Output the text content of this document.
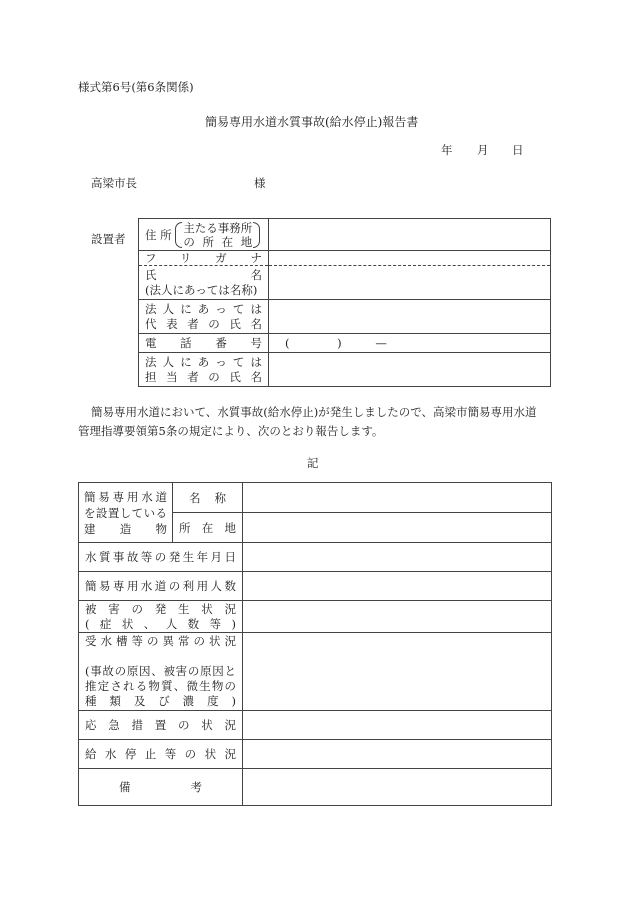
様式第6号(第6条関係)
簡易専用水道水質事故(給水停止)報告書
年 月 日
高梁市長	様
設置者 住 所 主たる事務所
の 所 在 地	

フリガナ	

氏名
(法人にあっては名称)	

法人にあっては
代表者の氏名	

電話番号	( ) —

法人にあっては
担当者の氏名	

簡易専用水道において、水質事故(給水停止)が発生しましたので、高梁市簡易専用水道
管理指導要領第5条の規定により、次のとおり報告します。
記
簡易専用水道
を設置している
建造物	名 称	
	所在地	
水質事故等の発生年月日		
簡易専用水道の利用人数		

被害の発生状況
(症状、人数等)		

受水槽等の異常の状況
(事故の原因、被害の原因と
推定される物質、微生物の
種類及び濃度)		

応急措置の状況		
給水停止等の状況		
備 考		
